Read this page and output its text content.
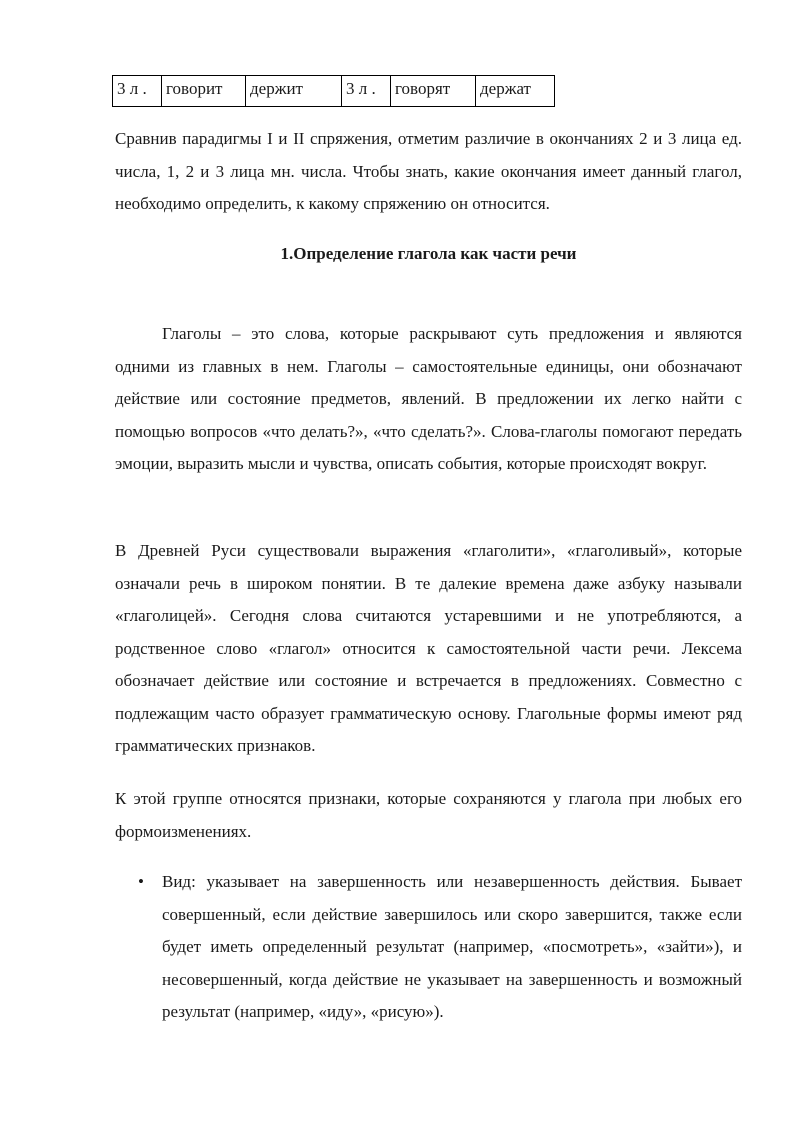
3 л .	говорит	держит	3 л .	говорят	держат

Сравнив парадигмы I и II спряжения, отметим различие в окончаниях 2 и 3 лица ед. числа, 1, 2 и 3 лица мн. числа. Чтобы знать, какие окончания имеет данный глагол, необходимо определить, к какому спряжению он относится.

1.Определение глагола как части речи

Глаголы – это слова, которые раскрывают суть предложения и являются одними из главных в нем. Глаголы – самостоятельные единицы, они обозначают действие или состояние предметов, явлений. В предложении их легко найти с помощью вопросов «что делать?», «что сделать?». Слова-глаголы помогают передать эмоции, выразить мысли и чувства, описать события, которые происходят вокруг.

В Древней Руси существовали выражения «глаголити», «глаголивый», которые означали речь в широком понятии. В те далекие времена даже азбуку называли «глаголицей». Сегодня слова считаются устаревшими и не употребляются, а родственное слово «глагол» относится к самостоятельной части речи. Лексема обозначает действие или состояние и встречается в предложениях. Совместно с подлежащим часто образует грамматическую основу. Глагольные формы имеют ряд грамматических признаков.

К этой группе относятся признаки, которые сохраняются у глагола при любых его формоизменениях.

• Вид: указывает на завершенность или незавершенность действия. Бывает совершенный, если действие завершилось или скоро завершится, также если будет иметь определенный результат (например, «посмотреть», «зайти»), и несовершенный, когда действие не указывает на завершенность и возможный результат (например, «иду», «рисую»).
